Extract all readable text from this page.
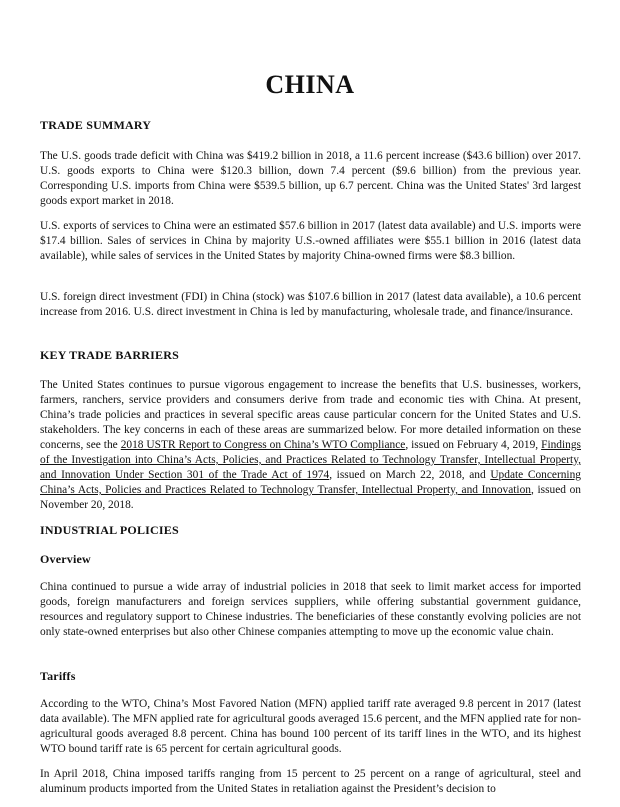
CHINA
TRADE SUMMARY
The U.S. goods trade deficit with China was $419.2 billion in 2018, a 11.6 percent increase ($43.6 billion) over 2017. U.S. goods exports to China were $120.3 billion, down 7.4 percent ($9.6 billion) from the previous year. Corresponding U.S. imports from China were $539.5 billion, up 6.7 percent. China was the United States' 3rd largest goods export market in 2018.
U.S. exports of services to China were an estimated $57.6 billion in 2017 (latest data available) and U.S. imports were $17.4 billion. Sales of services in China by majority U.S.-owned affiliates were $55.1 billion in 2016 (latest data available), while sales of services in the United States by majority China-owned firms were $8.3 billion.
U.S. foreign direct investment (FDI) in China (stock) was $107.6 billion in 2017 (latest data available), a 10.6 percent increase from 2016. U.S. direct investment in China is led by manufacturing, wholesale trade, and finance/insurance.
KEY TRADE BARRIERS
The United States continues to pursue vigorous engagement to increase the benefits that U.S. businesses, workers, farmers, ranchers, service providers and consumers derive from trade and economic ties with China. At present, China’s trade policies and practices in several specific areas cause particular concern for the United States and U.S. stakeholders. The key concerns in each of these areas are summarized below. For more detailed information on these concerns, see the 2018 USTR Report to Congress on China’s WTO Compliance, issued on February 4, 2019, Findings of the Investigation into China’s Acts, Policies, and Practices Related to Technology Transfer, Intellectual Property, and Innovation Under Section 301 of the Trade Act of 1974, issued on March 22, 2018, and Update Concerning China’s Acts, Policies and Practices Related to Technology Transfer, Intellectual Property, and Innovation, issued on November 20, 2018.
INDUSTRIAL POLICIES
Overview
China continued to pursue a wide array of industrial policies in 2018 that seek to limit market access for imported goods, foreign manufacturers and foreign services suppliers, while offering substantial government guidance, resources and regulatory support to Chinese industries. The beneficiaries of these constantly evolving policies are not only state-owned enterprises but also other Chinese companies attempting to move up the economic value chain.
Tariffs
According to the WTO, China’s Most Favored Nation (MFN) applied tariff rate averaged 9.8 percent in 2017 (latest data available). The MFN applied rate for agricultural goods averaged 15.6 percent, and the MFN applied rate for non-agricultural goods averaged 8.8 percent. China has bound 100 percent of its tariff lines in the WTO, and its highest WTO bound tariff rate is 65 percent for certain agricultural goods.
In April 2018, China imposed tariffs ranging from 15 percent to 25 percent on a range of agricultural, steel and aluminum products imported from the United States in retaliation against the President’s decision to
